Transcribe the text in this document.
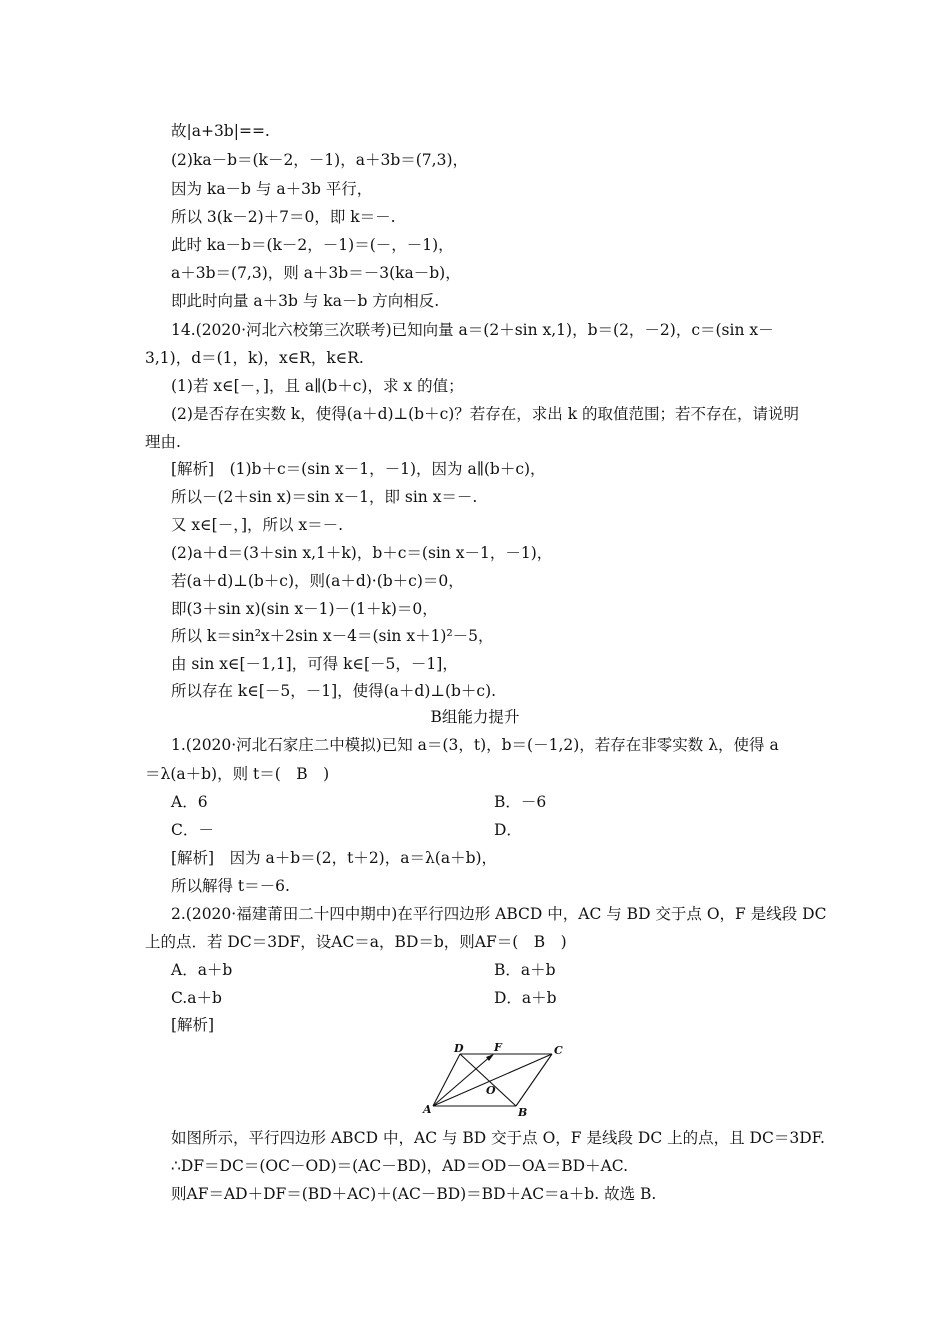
故|a+3b|==.
(2)ka－b＝(k－2，－1)，a＋3b＝(7,3)，
因为 ka－b 与 a＋3b 平行，
所以 3(k－2)＋7＝0，即 k＝－.
此时 ka－b＝(k－2，－1)＝(－，－1)，
a＋3b＝(7,3)，则 a＋3b＝－3(ka－b)，
即此时向量 a＋3b 与 ka－b 方向相反.
14.(2020·河北六校第三次联考)已知向量 a＝(2＋sin x,1)，b＝(2，－2)，c＝(sin x－
3,1)，d＝(1，k)，x∈R，k∈R.
(1)若 x∈[－，]，且 a∥(b＋c)，求 x 的值；
(2)是否存在实数 k，使得(a＋d)⊥(b＋c)？若存在，求出 k 的取值范围；若不存在，请说明
理由.
[解析]　(1)b＋c＝(sin x－1，－1)，因为 a∥(b＋c)，
所以－(2＋sin x)＝sin x－1，即 sin x＝－.
又 x∈[－，]，所以 x＝－.
(2)a＋d＝(3＋sin x,1＋k)，b＋c＝(sin x－1，－1)，
若(a＋d)⊥(b＋c)，则(a＋d)·(b＋c)＝0，
即(3＋sin x)(sin x－1)－(1＋k)＝0，
所以 k＝sin²x＋2sin x－4＝(sin x＋1)²－5，
由 sin x∈[－1,1]，可得 k∈[－5，－1]，
所以存在 k∈[－5，－1]，使得(a＋d)⊥(b＋c).
B组能力提升
1.(2020·河北石家庄二中模拟)已知 a＝(3，t)，b＝(－1,2)，若存在非零实数 λ，使得 a
＝λ(a＋b)，则 t＝(　B　)
A．6	B．－6
C．－	D．
[解析]　因为 a＋b＝(2，t＋2)，a＝λ(a＋b)，
所以解得 t＝－6.
2.(2020·福建莆田二十四中期中)在平行四边形 ABCD 中，AC 与 BD 交于点 O，F 是线段 DC
上的点．若 DC＝3DF，设AC＝a，BD＝b，则AF＝(　B　)
A．a＋b	B．a＋b
C.a＋b	D．a＋b
[解析]
D	F	C
O
A	B
如图所示，平行四边形 ABCD 中，AC 与 BD 交于点 O，F 是线段 DC 上的点，且 DC＝3DF.
∴DF＝DC＝(OC－OD)＝(AC－BD)，AD＝OD－OA＝BD＋AC.
则AF＝AD＋DF＝(BD＋AC)＋(AC－BD)＝BD＋AC＝a＋b. 故选 B.
